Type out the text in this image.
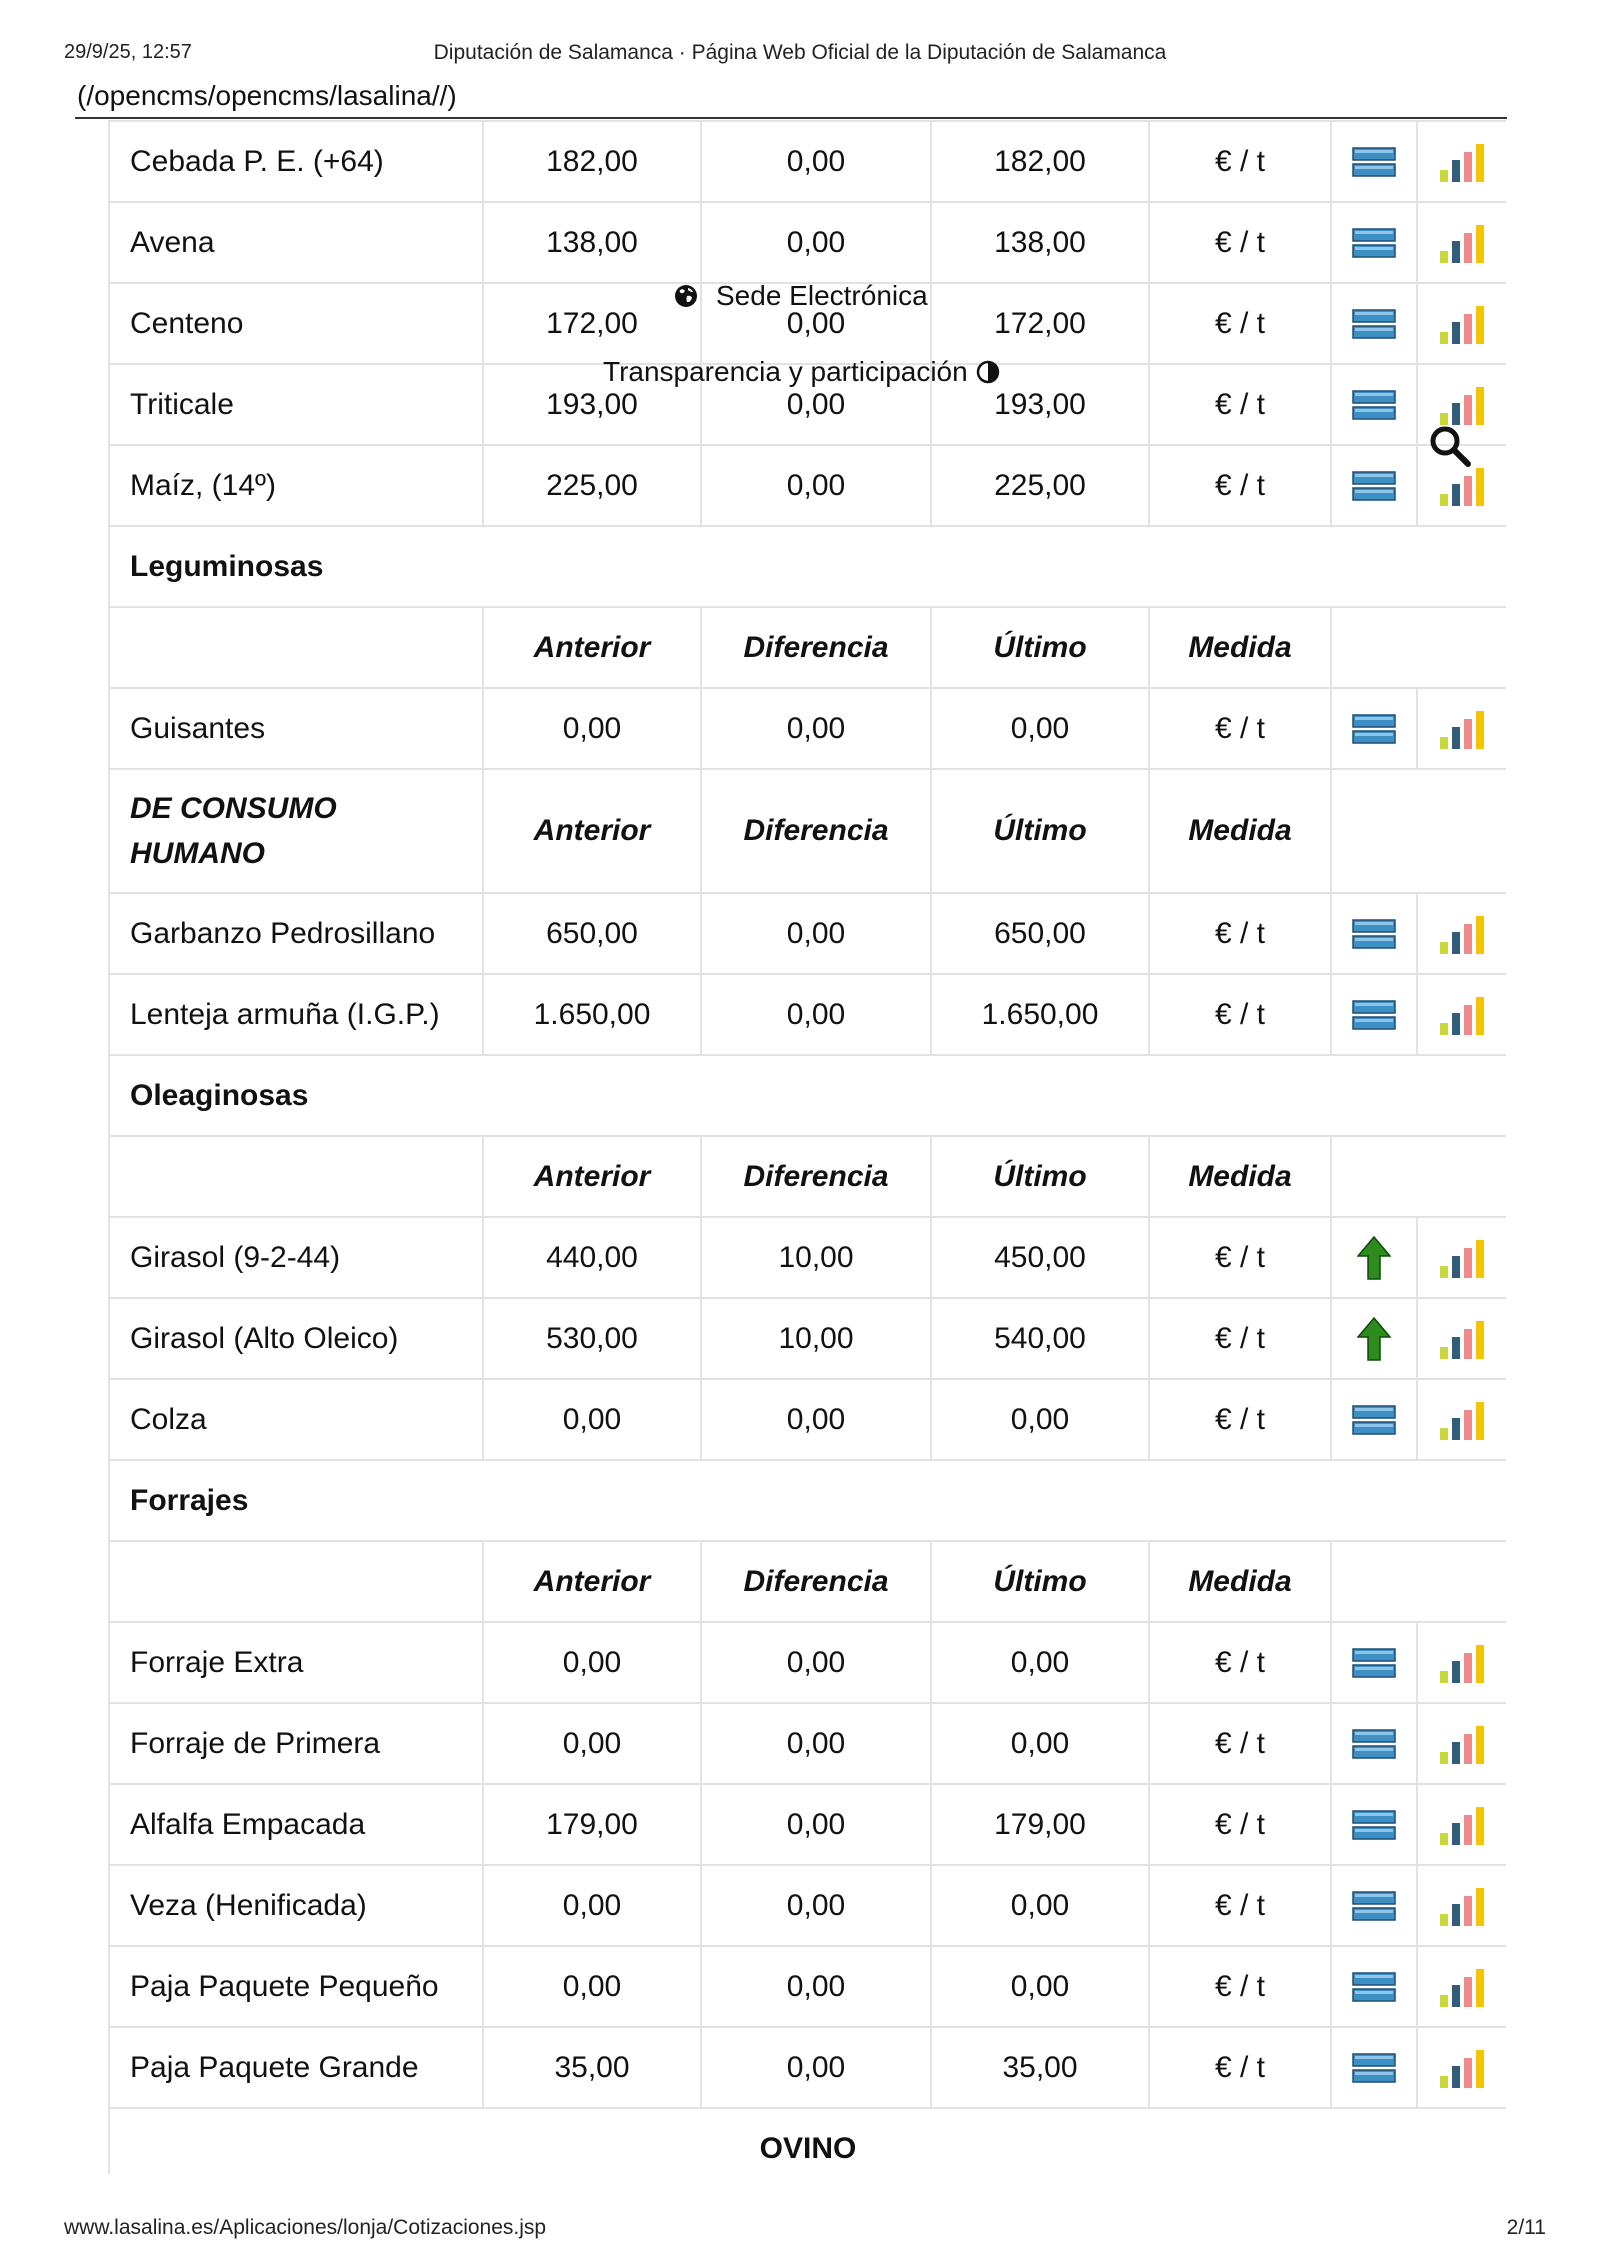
29/9/25, 12:57	Diputación de Salamanca · Página Web Oficial de la Diputación de Salamanca
(/opencms/opencms/lasalina//)
Cebada P. E. (+64)	182,00	0,00	182,00	€ / t	

Avena	138,00	0,00	138,00	€ / t	

Centeno	172,00	0,00	172,00	€ / t	

Triticale	193,00	0,00	193,00	€ / t	

Maíz, (14º)	225,00	0,00	225,00	€ / t	

Leguminosas						
	Anterior	Diferencia	Último	Medida		
Guisantes	0,00	0,00	0,00	€ / t	

DE CONSUMO
HUMANO	Anterior	Diferencia	Último	Medida		
Garbanzo Pedrosillano	650,00	0,00	650,00	€ / t	

Lenteja armuña (I.G.P.)	1.650,00	0,00	1.650,00	€ / t	

Oleaginosas						
	Anterior	Diferencia	Último	Medida		
Girasol (9-2-44)	440,00	10,00	450,00	€ / t	

Girasol (Alto Oleico)	530,00	10,00	540,00	€ / t	

Colza	0,00	0,00	0,00	€ / t	

Forrajes						
	Anterior	Diferencia	Último	Medida		
Forraje Extra	0,00	0,00	0,00	€ / t	

Forraje de Primera	0,00	0,00	0,00	€ / t	

Alfalfa Empacada	179,00	0,00	179,00	€ / t	

Veza (Henificada)	0,00	0,00	0,00	€ / t	

Paja Paquete Pequeño	0,00	0,00	0,00	€ / t	

Paja Paquete Grande	35,00	0,00	35,00	€ / t	

OVINO						
Sede Electrónica
Transparencia y participación
www.lasalina.es/Aplicaciones/lonja/Cotizaciones.jsp	2/11
